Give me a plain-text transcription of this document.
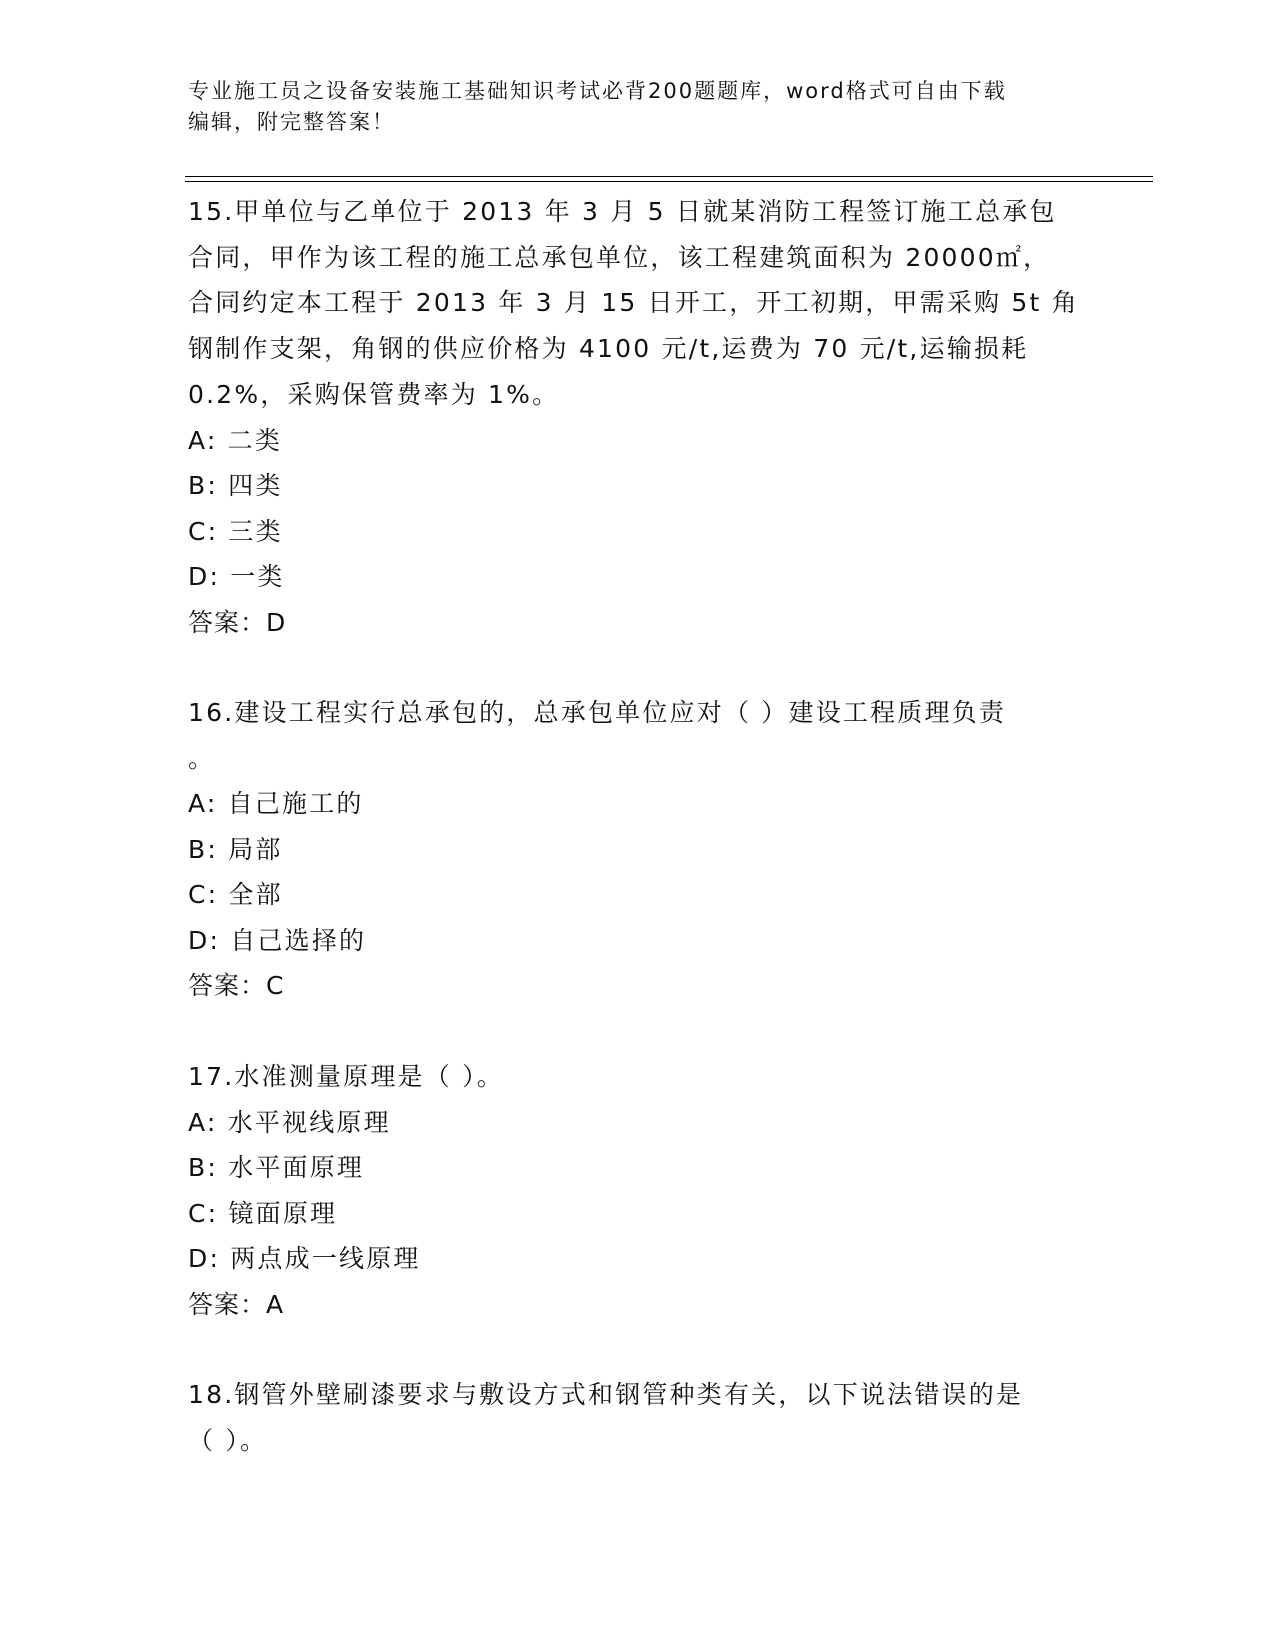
专业施工员之设备安装施工基础知识考试必背200题题库，word格式可自由下载
编辑，附完整答案！

15.甲单位与乙单位于 2013 年 3 月 5 日就某消防工程签订施工总承包

合同，甲作为该工程的施工总承包单位，该工程建筑面积为 20000㎡，

合同约定本工程于 2013 年 3 月 15 日开工，开工初期，甲需采购 5t 角

钢制作支架，角钢的供应价格为 4100 元/t,运费为 70 元/t,运输损耗

0.2%，采购保管费率为 1%。

A: 二类

B: 四类

C: 三类

D: 一类

答案：D

16.建设工程实行总承包的，总承包单位应对（ ）建设工程质理负责

。

A: 自己施工的

B: 局部

C: 全部

D: 自己选择的

答案：C

17.水准测量原理是（ ）。

A: 水平视线原理

B: 水平面原理

C: 镜面原理

D: 两点成一线原理

答案：A

18.钢管外壁刷漆要求与敷设方式和钢管种类有关，以下说法错误的是

（ ）。
